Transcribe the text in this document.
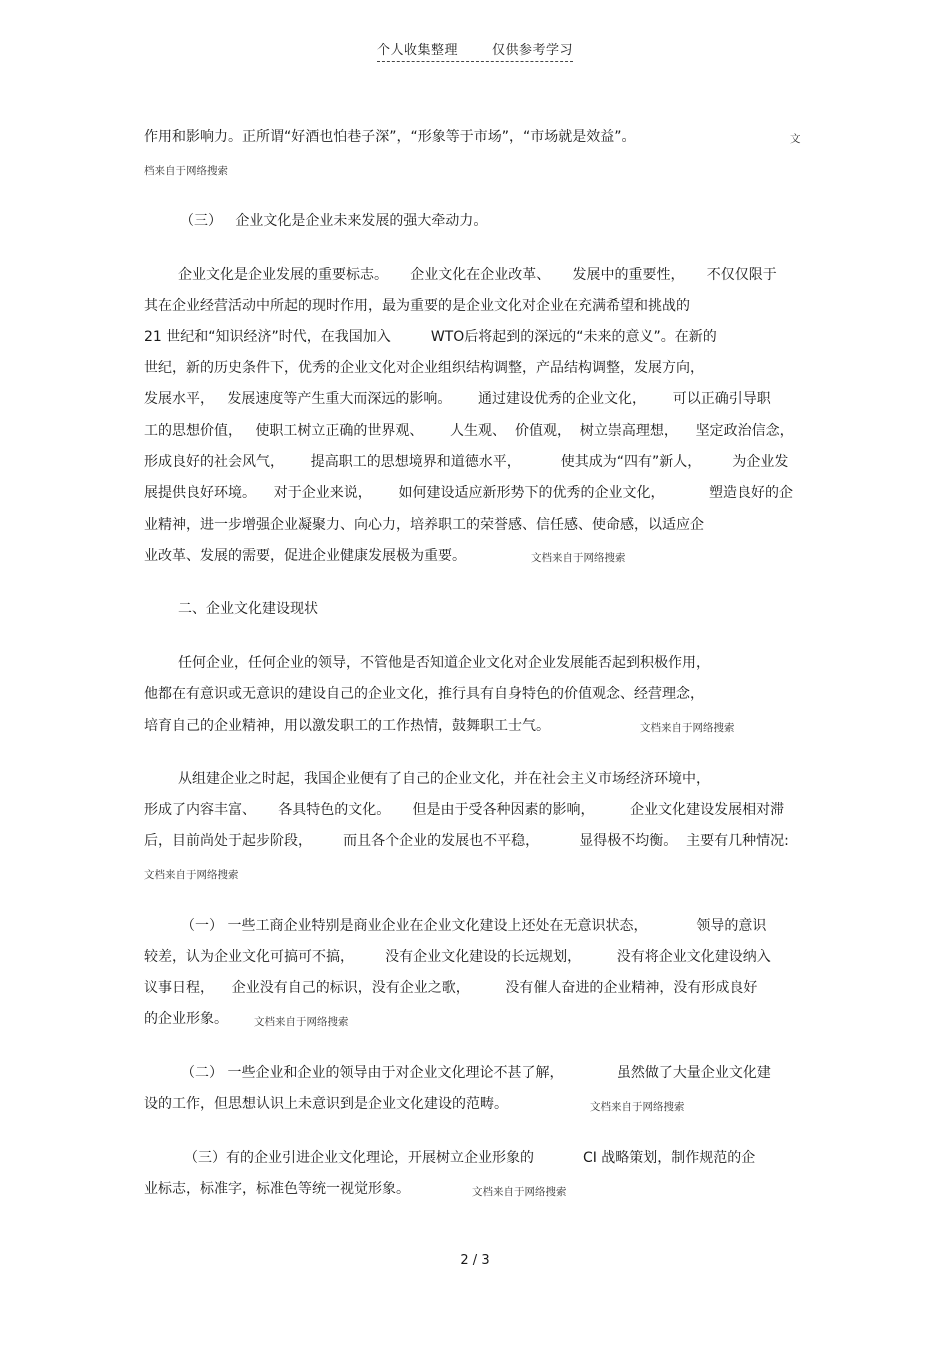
个人收集整理	仅供参考学习
作用和影响力。正所谓“好酒也怕巷子深”，“形象等于市场”，“市场就是效益”。	文
档来自于网络搜索
（三）   企业文化是企业未来发展的强大牵动力。
企业文化是企业发展的重要标志。     企业文化在企业改革、     发展中的重要性，     不仅仅限于
其在企业经营活动中所起的现时作用，最为重要的是企业文化对企业在充满希望和挑战的
21 世纪和“知识经济”时代，在我国加入         WTO后将起到的深远的“未来的意义”。在新的
世纪，新的历史条件下，优秀的企业文化对企业组织结构调整，产品结构调整，发展方向，
发展水平，   发展速度等产生重大而深远的影响。      通过建设优秀的企业文化，      可以正确引导职
工的思想价值，   使职工树立正确的世界观、      人生观、  价值观，  树立崇高理想，    坚定政治信念，
形成良好的社会风气，      提高职工的思想境界和道德水平，         使其成为“四有”新人，       为企业发
展提供良好环境。    对于企业来说，      如何建设适应新形势下的优秀的企业文化，          塑造良好的企
业精神，进一步增强企业凝聚力、向心力，培养职工的荣誉感、信任感、使命感，以适应企
业改革、发展的需要，促进企业健康发展极为重要。	文档来自于网络搜索
二、企业文化建设现状
任何企业，任何企业的领导，不管他是否知道企业文化对企业发展能否起到积极作用，
他都在有意识或无意识的建设自己的企业文化，推行具有自身特色的价值观念、经营理念，
培育自己的企业精神，用以激发职工的工作热情，鼓舞职工士气。	文档来自于网络搜索
从组建企业之时起，我国企业便有了自己的企业文化，并在社会主义市场经济环境中，
形成了内容丰富、     各具特色的文化。     但是由于受各种因素的影响，        企业文化建设发展相对滞
后，目前尚处于起步阶段，       而且各个企业的发展也不平稳，         显得极不均衡。  主要有几种情况:
文档来自于网络搜索
（一） 一些工商企业特别是商业企业在企业文化建设上还处在无意识状态，           领导的意识
较差，认为企业文化可搞可不搞，       没有企业文化建设的长远规划，        没有将企业文化建设纳入
议事日程，    企业没有自己的标识，没有企业之歌，        没有催人奋进的企业精神，没有形成良好
的企业形象。 文档来自于网络搜索
（二） 一些企业和企业的领导由于对企业文化理论不甚了解，            虽然做了大量企业文化建
设的工作，但思想认识上未意识到是企业文化建设的范畴。	文档来自于网络搜索
（三）有的企业引进企业文化理论，开展树立企业形象的           CI 战略策划，制作规范的企
业标志，标准字，标准色等统一视觉形象。	文档来自于网络搜索
2 / 3
